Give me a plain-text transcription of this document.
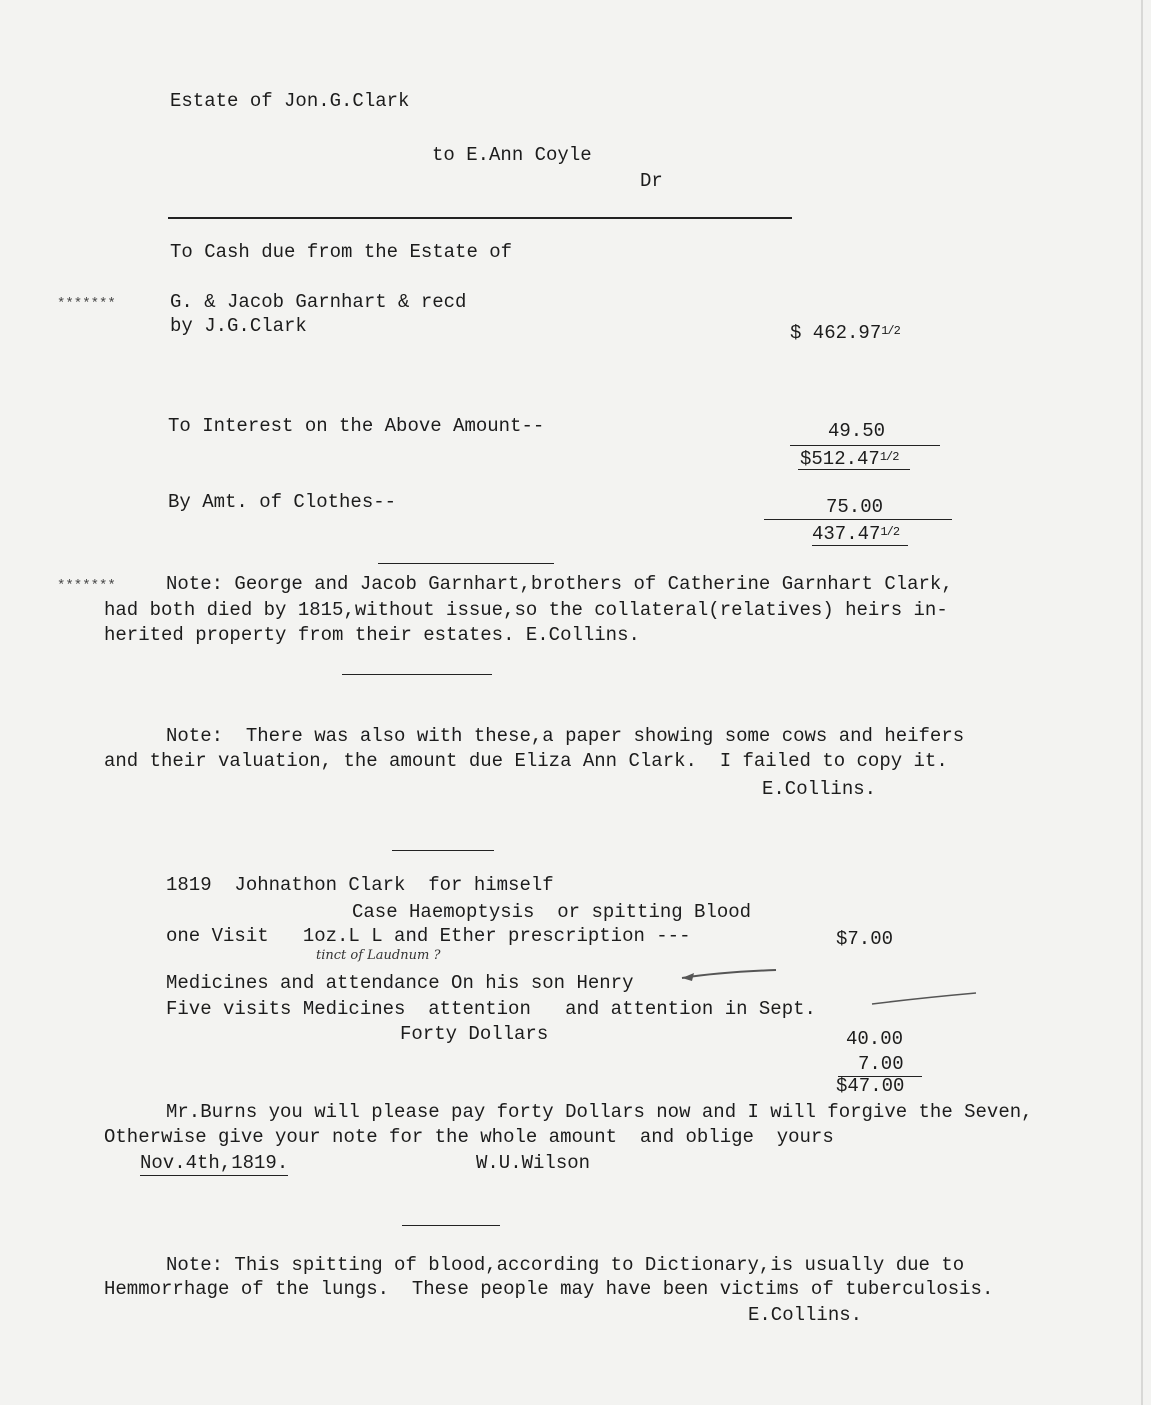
Estate of Jon.G.Clark
to E.Ann Coyle
Dr
To Cash due from the Estate of
*******	G. & Jacob Garnhart & recd
by J.G.Clark	$ $462.97^{1/2}$
To Interest on the Above Amount--	49.50
$\$512.47^{1/2}$
By Amt. of Clothes--	75.00
$437.47^{1/2}$
*******	Note: George and Jacob Garnhart,brothers of Catherine Garnhart Clark,
had both died by 1815,without issue,so the collateral(relatives) heirs in-
herited property from their estates. E.Collins.
Note:  There was also with these,a paper showing some cows and heifers
and their valuation, the amount due Eliza Ann Clark.  I failed to copy it.
E.Collins.
1819  Johnathon Clark  for himself
Case Haemoptysis  or spitting Blood
one Visit   1oz.L L and Ether prescription ---	$7.00
tinct of Laudnum ?
Medicines and attendance On his son Henry
Five visits Medicines  attention   and attention in Sept.
Forty Dollars	40.00
7.00
$47.00
Mr.Burns you will please pay forty Dollars now and I will forgive the Seven,
Otherwise give your note for the whole amount  and oblige  yours
Nov.4th,1819.	W.U.Wilson
Note: This spitting of blood,according to Dictionary,is usually due to
Hemmorrhage of the lungs.  These people may have been victims of tuberculosis.
E.Collins.
